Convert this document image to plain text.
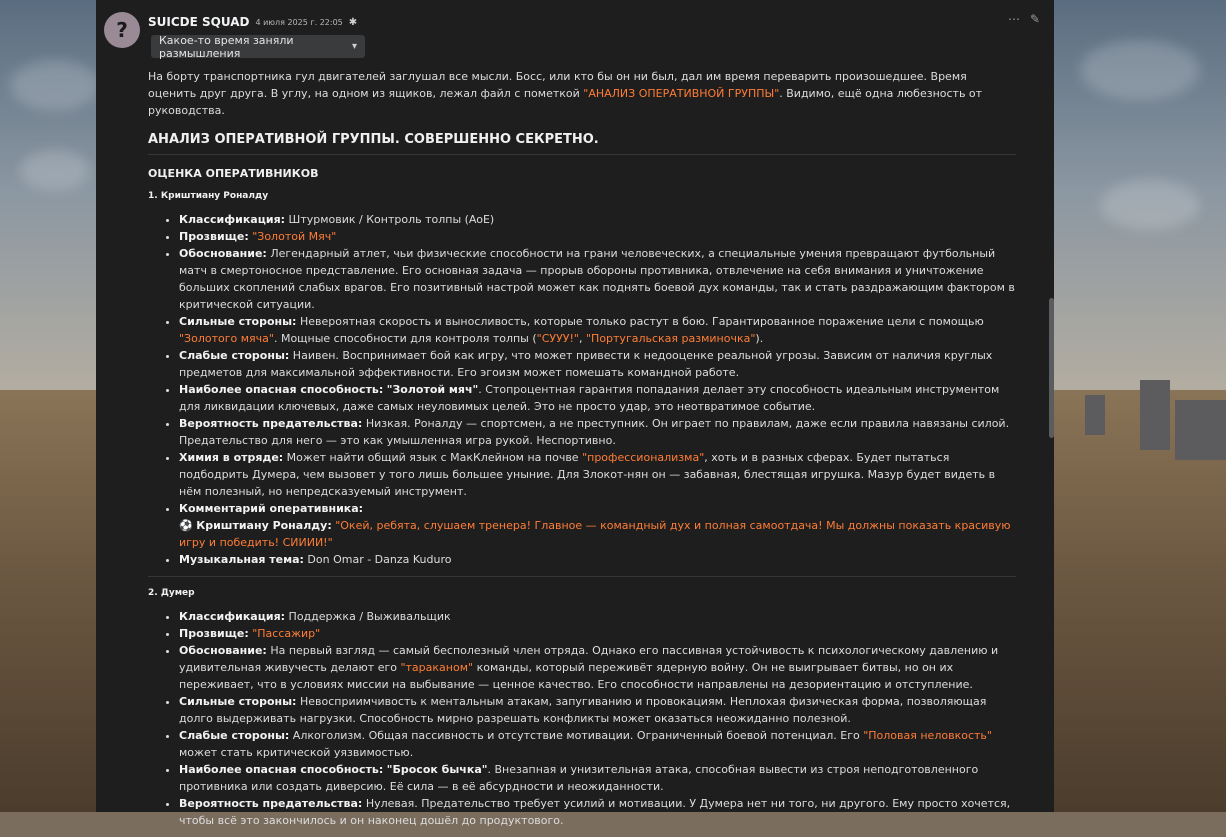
? SUICDE SQUAD 4 июля 2025 г. 22:05 ✱	⋯ ✎
Какое-то время заняли размышления	▾

На борту транспортника гул двигателей заглушал все мысли. Босс, или кто бы он ни был, дал им время переварить произошедшее. Время оценить друг друга. В углу, на одном из ящиков, лежал файл с пометкой "АНАЛИЗ ОПЕРАТИВНОЙ ГРУППЫ". Видимо, ещё одна любезность от руководства.

АНАЛИЗ ОПЕРАТИВНОЙ ГРУППЫ. СОВЕРШЕННО СЕКРЕТНО.
ОЦЕНКА ОПЕРАТИВНИКОВ
1. Криштиану Роналду
• Классификация: Штурмовик / Контроль толпы (AoE)
• Прозвище: "Золотой Мяч"
• Обоснование: Легендарный атлет, чьи физические способности на грани человеческих, а специальные умения превращают футбольный матч в смертоносное представление. Его основная задача — прорыв обороны противника, отвлечение на себя внимания и уничтожение больших скоплений слабых врагов. Его позитивный настрой может как поднять боевой дух команды, так и стать раздражающим фактором в критической ситуации.
• Сильные стороны: Невероятная скорость и выносливость, которые только растут в бою. Гарантированное поражение цели с помощью "Золотого мяча". Мощные способности для контроля толпы ("СУУУ!", "Португальская разминочка").
• Слабые стороны: Наивен. Воспринимает бой как игру, что может привести к недооценке реальной угрозы. Зависим от наличия круглых предметов для максимальной эффективности. Его эгоизм может помешать командной работе.
• Наиболее опасная способность: "Золотой мяч". Стопроцентная гарантия попадания делает эту способность идеальным инструментом для ликвидации ключевых, даже самых неуловимых целей. Это не просто удар, это неотвратимое событие.
• Вероятность предательства: Низкая. Роналду — спортсмен, а не преступник. Он играет по правилам, даже если правила навязаны силой. Предательство для него — это как умышленная игра рукой. Неспортивно.
• Химия в отряде: Может найти общий язык с МакКлейном на почве "профессионализма", хоть и в разных сферах. Будет пытаться подбодрить Думера, чем вызовет у того лишь большее уныние. Для Злокот-нян он — забавная, блестящая игрушка. Мазур будет видеть в нём полезный, но непредсказуемый инструмент.
• Комментарий оперативника:
⚽ Криштиану Роналду: "Окей, ребята, слушаем тренера! Главное — командный дух и полная самоотдача! Мы должны показать красивую игру и победить! СИИИИ!"
• Музыкальная тема: Don Omar - Danza Kuduro
2. Думер
• Классификация: Поддержка / Выживальщик
• Прозвище: "Пассажир"
• Обоснование: На первый взгляд — самый бесполезный член отряда. Однако его пассивная устойчивость к психологическому давлению и удивительная живучесть делают его "тараканом" команды, который переживёт ядерную войну. Он не выигрывает битвы, но он их переживает, что в условиях миссии на выбывание — ценное качество. Его способности направлены на дезориентацию и отступление.
• Сильные стороны: Невосприимчивость к ментальным атакам, запугиванию и провокациям. Неплохая физическая форма, позволяющая долго выдерживать нагрузки. Способность мирно разрешать конфликты может оказаться неожиданно полезной.
• Слабые стороны: Алкоголизм. Общая пассивность и отсутствие мотивации. Ограниченный боевой потенциал. Его "Половая неловкость" может стать критической уязвимостью.
• Наиболее опасная способность: "Бросок бычка". Внезапная и унизительная атака, способная вывести из строя неподготовленного противника или создать диверсию. Её сила — в её абсурдности и неожиданности.
• Вероятность предательства: Нулевая. Предательство требует усилий и мотивации. У Думера нет ни того, ни другого. Ему просто хочется, чтобы всё это закончилось и он наконец дошёл до продуктового.
